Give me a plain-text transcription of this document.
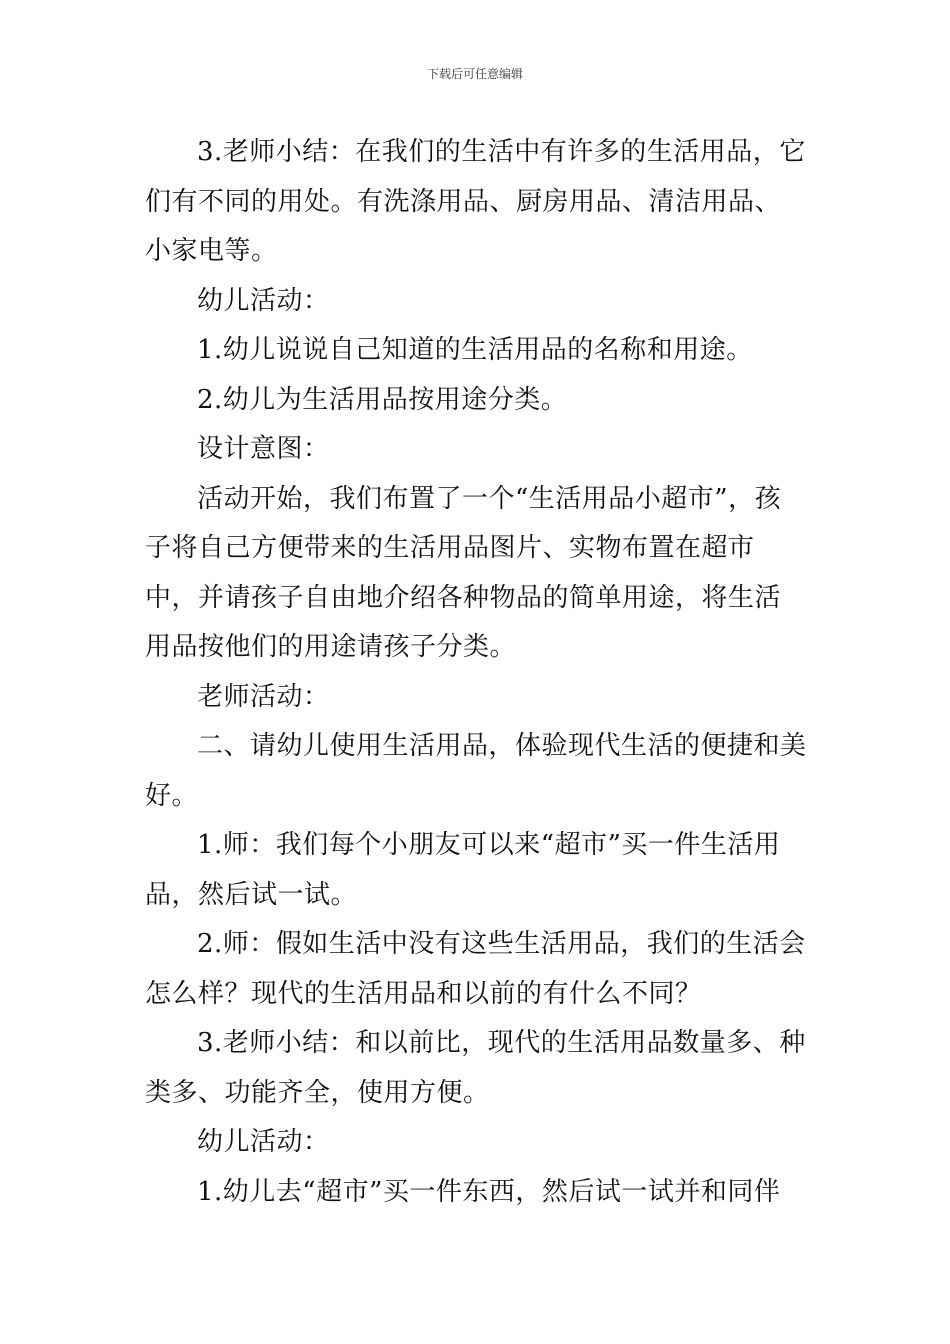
下载后可任意编辑

3.老师小结：在我们的生活中有许多的生活用品，它们有不同的用处。有洗涤用品、厨房用品、清洁用品、小家电等。

幼儿活动：

1.幼儿说说自己知道的生活用品的名称和用途。

2.幼儿为生活用品按用途分类。

设计意图：

活动开始，我们布置了一个“生活用品小超市”，孩子将自己方便带来的生活用品图片、实物布置在超市中，并请孩子自由地介绍各种物品的简单用途，将生活用品按他们的用途请孩子分类。

老师活动：

二、请幼儿使用生活用品，体验现代生活的便捷和美好。

1.师：我们每个小朋友可以来“超市”买一件生活用品，然后试一试。

2.师：假如生活中没有这些生活用品，我们的生活会怎么样？现代的生活用品和以前的有什么不同？

3.老师小结：和以前比，现代的生活用品数量多、种类多、功能齐全，使用方便。

幼儿活动：

1.幼儿去“超市”买一件东西，然后试一试并和同伴
